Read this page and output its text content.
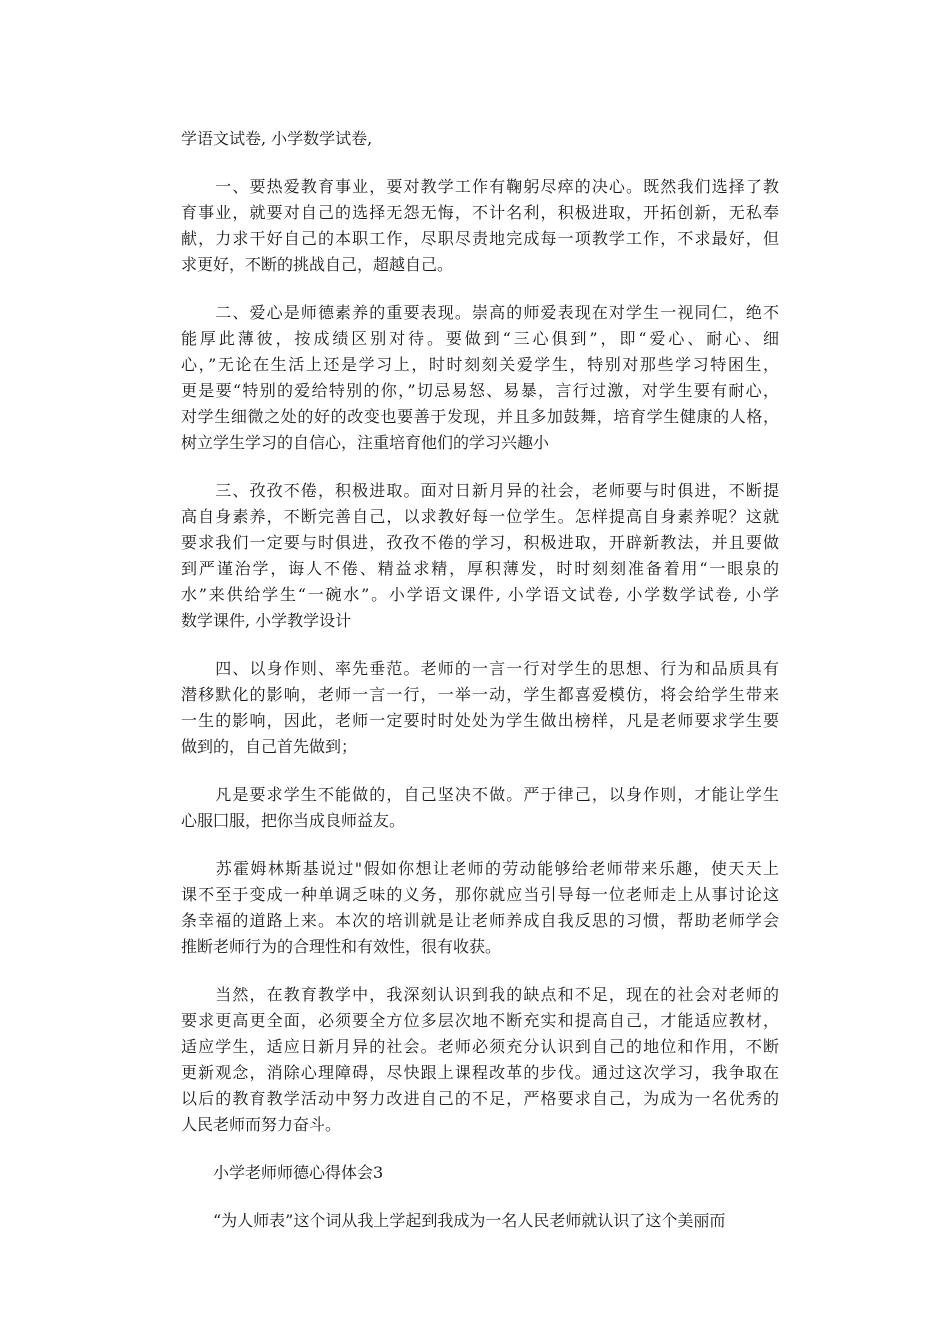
学语文试卷, 小学数学试卷,
　　一、要热爱教育事业，要对教学工作有鞠躬尽瘁的决心。既然我们选择了教
育事业，就要对自己的选择无怨无悔，不计名利，积极进取，开拓创新，无私奉
献，力求干好自己的本职工作，尽职尽责地完成每一项教学工作，不求最好，但
求更好，不断的挑战自己，超越自己。
　　二、爱心是师德素养的重要表现。崇高的师爱表现在对学生一视同仁，绝不
能厚此薄彼，按成绩区别对待。要做到“三心俱到”，即“爱心、耐心、细
心，”无论在生活上还是学习上，时时刻刻关爱学生，特别对那些学习特困生，
更是要“特别的爱给特别的你，”切忌易怒、易暴，言行过激，对学生要有耐心，
对学生细微之处的好的改变也要善于发现，并且多加鼓舞，培育学生健康的人格，
树立学生学习的自信心，注重培育他们的学习兴趣小
　　三、孜孜不倦，积极进取。面对日新月异的社会，老师要与时俱进，不断提
高自身素养，不断完善自己，以求教好每一位学生。怎样提高自身素养呢？这就
要求我们一定要与时俱进，孜孜不倦的学习，积极进取，开辟新教法，并且要做
到严谨治学，诲人不倦、精益求精，厚积薄发，时时刻刻准备着用“一眼泉的
水”来供给学生“一碗水”。小学语文课件, 小学语文试卷, 小学数学试卷, 小学
数学课件, 小学教学设计
　　四、以身作则、率先垂范。老师的一言一行对学生的思想、行为和品质具有
潜移默化的影响，老师一言一行，一举一动，学生都喜爱模仿，将会给学生带来
一生的影响，因此，老师一定要时时处处为学生做出榜样，凡是老师要求学生要
做到的，自己首先做到；
　　凡是要求学生不能做的，自己坚决不做。严于律己，以身作则，才能让学生
心服囗服，把你当成良师益友。
　　苏霍姆林斯基说过"假如你想让老师的劳动能够给老师带来乐趣，使天天上
课不至于变成一种单调乏味的义务，那你就应当引导每一位老师走上从事讨论这
条幸福的道路上来。本次的培训就是让老师养成自我反思的习惯，帮助老师学会
推断老师行为的合理性和有效性，很有收获。
　　当然，在教育教学中，我深刻认识到我的缺点和不足，现在的社会对老师的
要求更高更全面，必须要全方位多层次地不断充实和提高自己，才能适应教材，
适应学生，适应日新月异的社会。老师必须充分认识到自己的地位和作用，不断
更新观念，消除心理障碍，尽快跟上课程改革的步伐。通过这次学习，我争取在
以后的教育教学活动中努力改进自己的不足，严格要求自己，为成为一名优秀的
人民老师而努力奋斗。
　　小学老师师德心得体会3
　　“为人师表”这个词从我上学起到我成为一名人民老师就认识了这个美丽而
